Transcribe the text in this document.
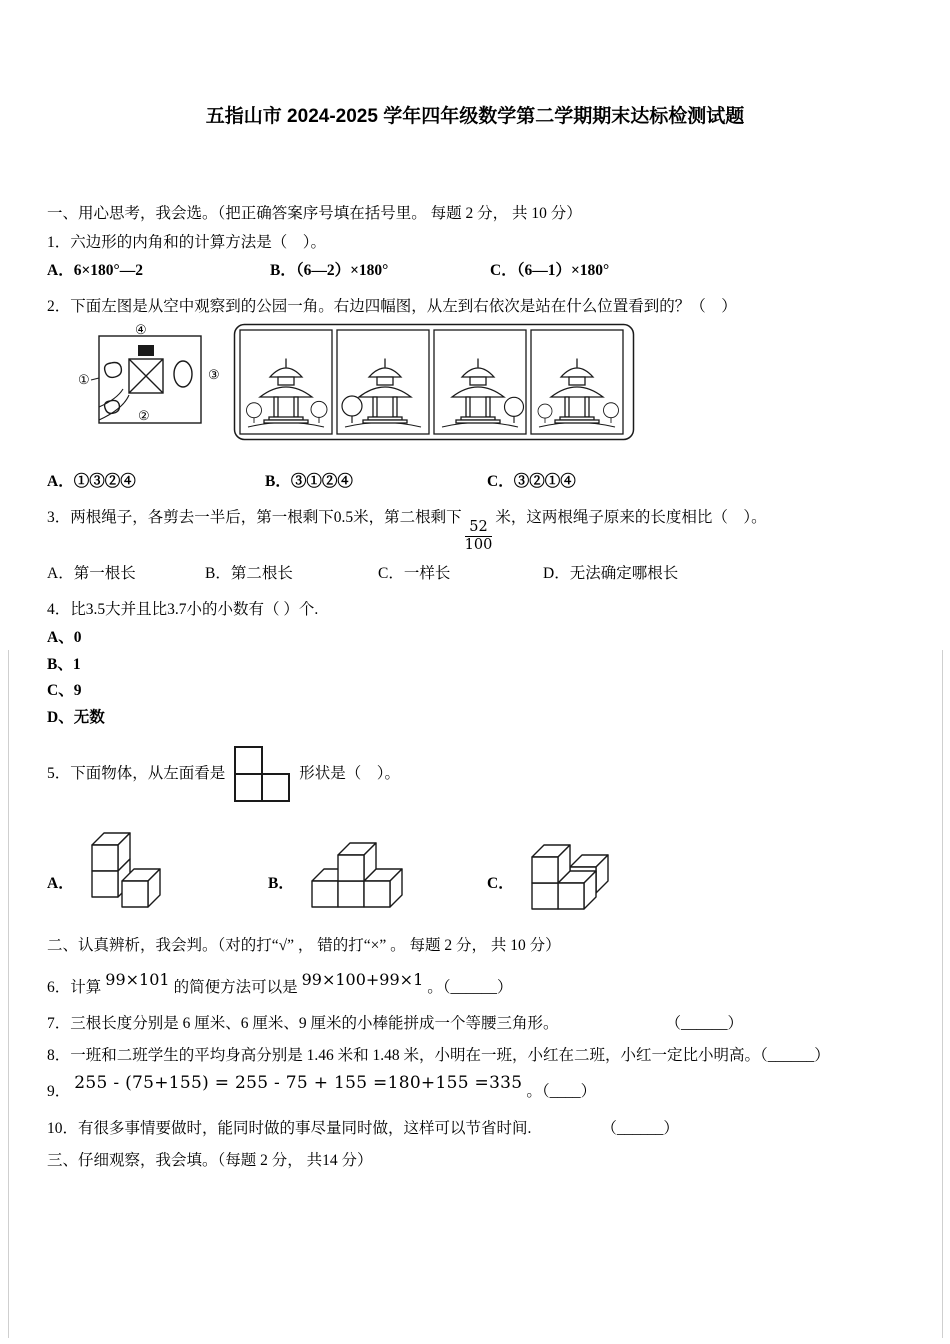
五指山市 2024-2025 学年四年级数学第二学期期末达标检测试题

一、用心思考，我会选。（把正确答案序号填在括号里。 每题 2 分， 共 10 分）

1．六边形的内角和的计算方法是（　）。

A．6×180°—2	B．（6—2）×180°	C．（6—1）×180°

2．下面左图是从空中观察到的公园一角。右边四幅图，从左到右依次是站在什么位置看到的？（　）

④
①
②
③
A．①③②④	B．③①②④	C．③②①④

3．两根绳子，各剪去一半后，第一根剩下0.5米，第二根剩下
$\frac{52}{100}$
米，这两根绳子原来的长度相比（　）。

A．第一根长	B．第二根长	C．一样长	D．无法确定哪根长

4．比3.5大并且比3.7小的小数有（ ）个.

A、0

B、1

C、9

D、无数

5．下面物体，从左面看是	形状是（　）。
A．	B．	C．

二、认真辨析，我会判。（对的打“√” ， 错的打“×” 。 每题 2 分， 共 10 分）

6．计算 99×101 的简便方法可以是 99×100+99×1 。（______）

7．三根长度分别是 6 厘米、6 厘米、9 厘米的小棒能拼成一个等腰三角形。	（______）

8．一班和二班学生的平均身高分别是 1.46 米和 1.48 米，小明在一班，小红在二班，小红一定比小明高。（______）

9． 255 - (75+155) = 255 - 75 + 155 =180+155 =335 。（____）

10．有很多事情要做时，能同时做的事尽量同时做，这样可以节省时间.	（______）

三、仔细观察，我会填。（每题 2 分， 共14 分）
